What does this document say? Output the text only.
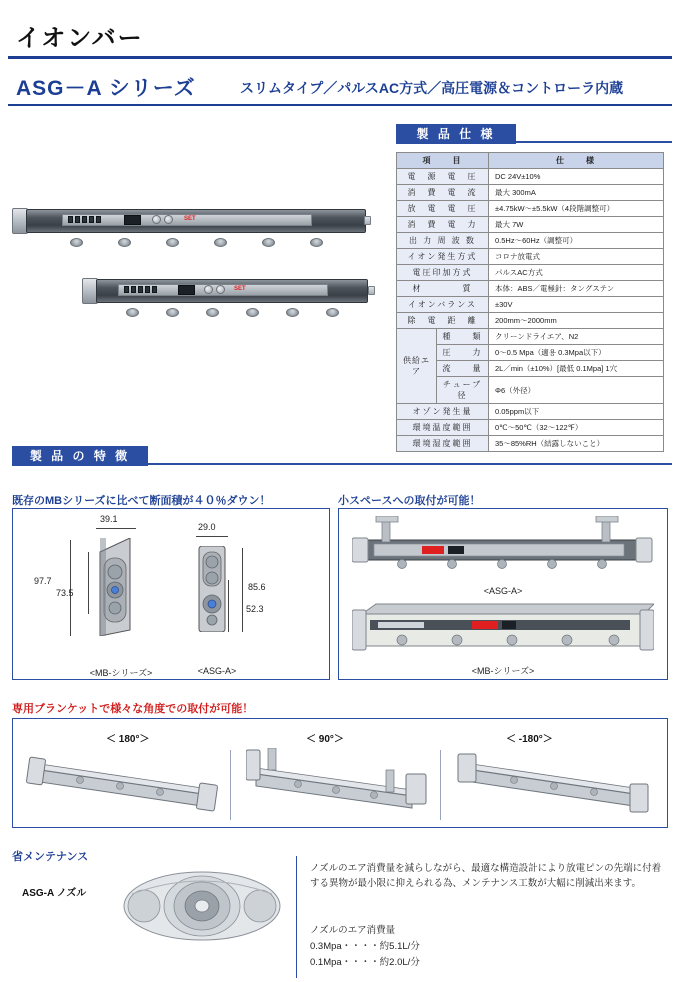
イオンバー
ASG－A シリーズ	スリムタイプ／パルスAC方式／高圧電源＆コントローラ内蔵
製 品 仕 様
項　　目		仕　　様
電　源　電　圧		DC 24V±10%
消　費　電　流		最大 300mA
放　電　電　圧		±4.75kW～±5.5kW（4段階調整可）
消　費　電　力		最大 7W
出 力 周 波 数		0.5Hz～60Hz（調整可）
イオン発生方式		コロナ放電式
電圧印加方式		パルスAC方式
材　　　　質		本体：ABS／電極針：タングステン
イオンバランス		±30V
除　電　距　離		200mm～2000mm
供給エア	種　　類	クリーンドライエア、N2
	圧　　力	0～0.5 Mpa（適용 0.3Mpa以下）
	流　　量	2L／min（±10%）[最低 0.1Mpa] 1穴
	チューブ径	Φ6（外径）
オゾン発生量		0.05ppm以下
環境温度範囲		0℃～50℃（32～122℉）
環境湿度範囲		35～85%RH（結露しないこと）
SET
SET
製 品 の 特 徴
既存のMBシリーズに比べて断面積が４０％ダウン！
39.1
97.7
73.5
<MB-シリーズ>
29.0
85.6
52.3
<ASG-A>
小スペースへの取付が可能！
<ASG-A>
<MB-シリーズ>
専用ブランケットで様々な角度での取付が可能！
＜ 180°＞	＜ 90°＞	＜ -180°＞
省メンテナンス
ASG-A ノズル
ノズルのエア消費量を減らしながら、最適な構造設計により放電ピンの先端に付着する異物が最小限に抑えられる為、メンテナンス工数が大幅に削減出来ます。
ノズルのエア消費量
0.3Mpa・・・・約5.1L/分
0.1Mpa・・・・約2.0L/分
